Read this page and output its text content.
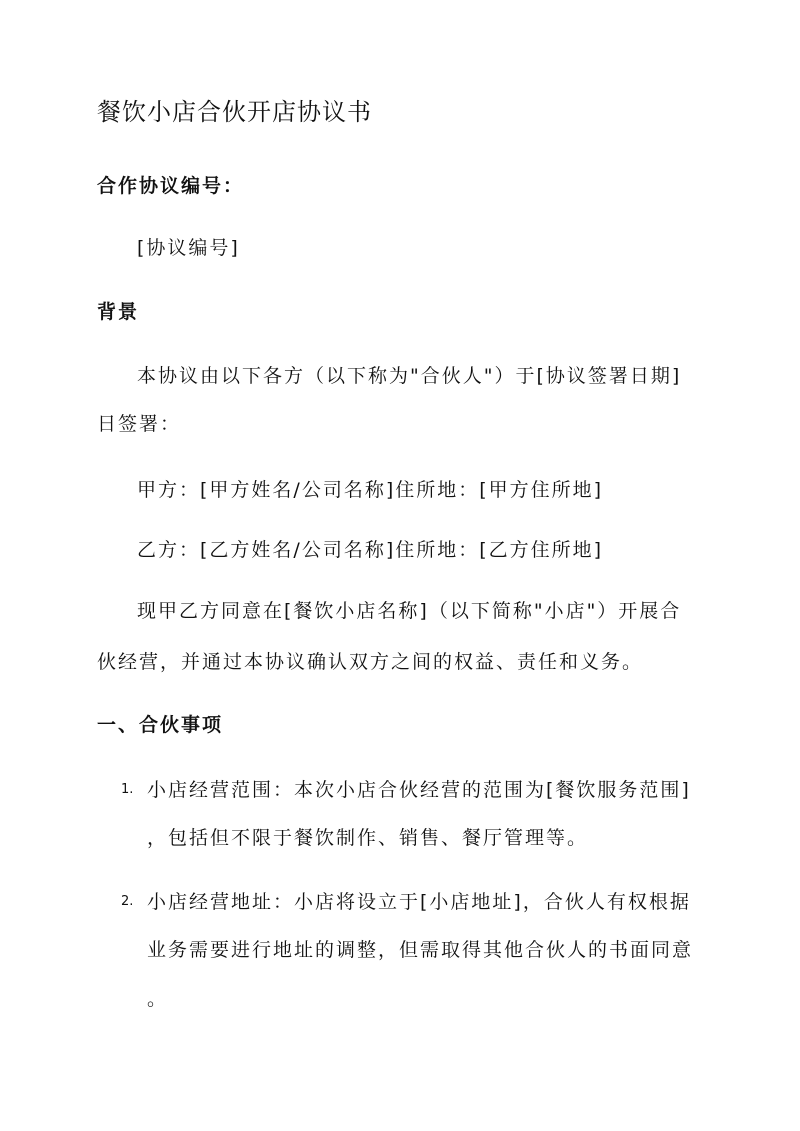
餐饮小店合伙开店协议书
合作协议编号：

[协议编号]

背景

本协议由以下各方（以下称为"合伙人"）于[协议签署日期]

日签署：

甲方：[甲方姓名/公司名称]住所地：[甲方住所地]

乙方：[乙方姓名/公司名称]住所地：[乙方住所地]

现甲乙方同意在[餐饮小店名称]（以下简称"小店"）开展合

伙经营，并通过本协议确认双方之间的权益、责任和义务。

一、合伙事项
1. 小店经营范围：本次小店合伙经营的范围为[餐饮服务范围]

，包括但不限于餐饮制作、销售、餐厅管理等。

2. 小店经营地址：小店将设立于[小店地址]，合伙人有权根据

业务需要进行地址的调整，但需取得其他合伙人的书面同意

。
